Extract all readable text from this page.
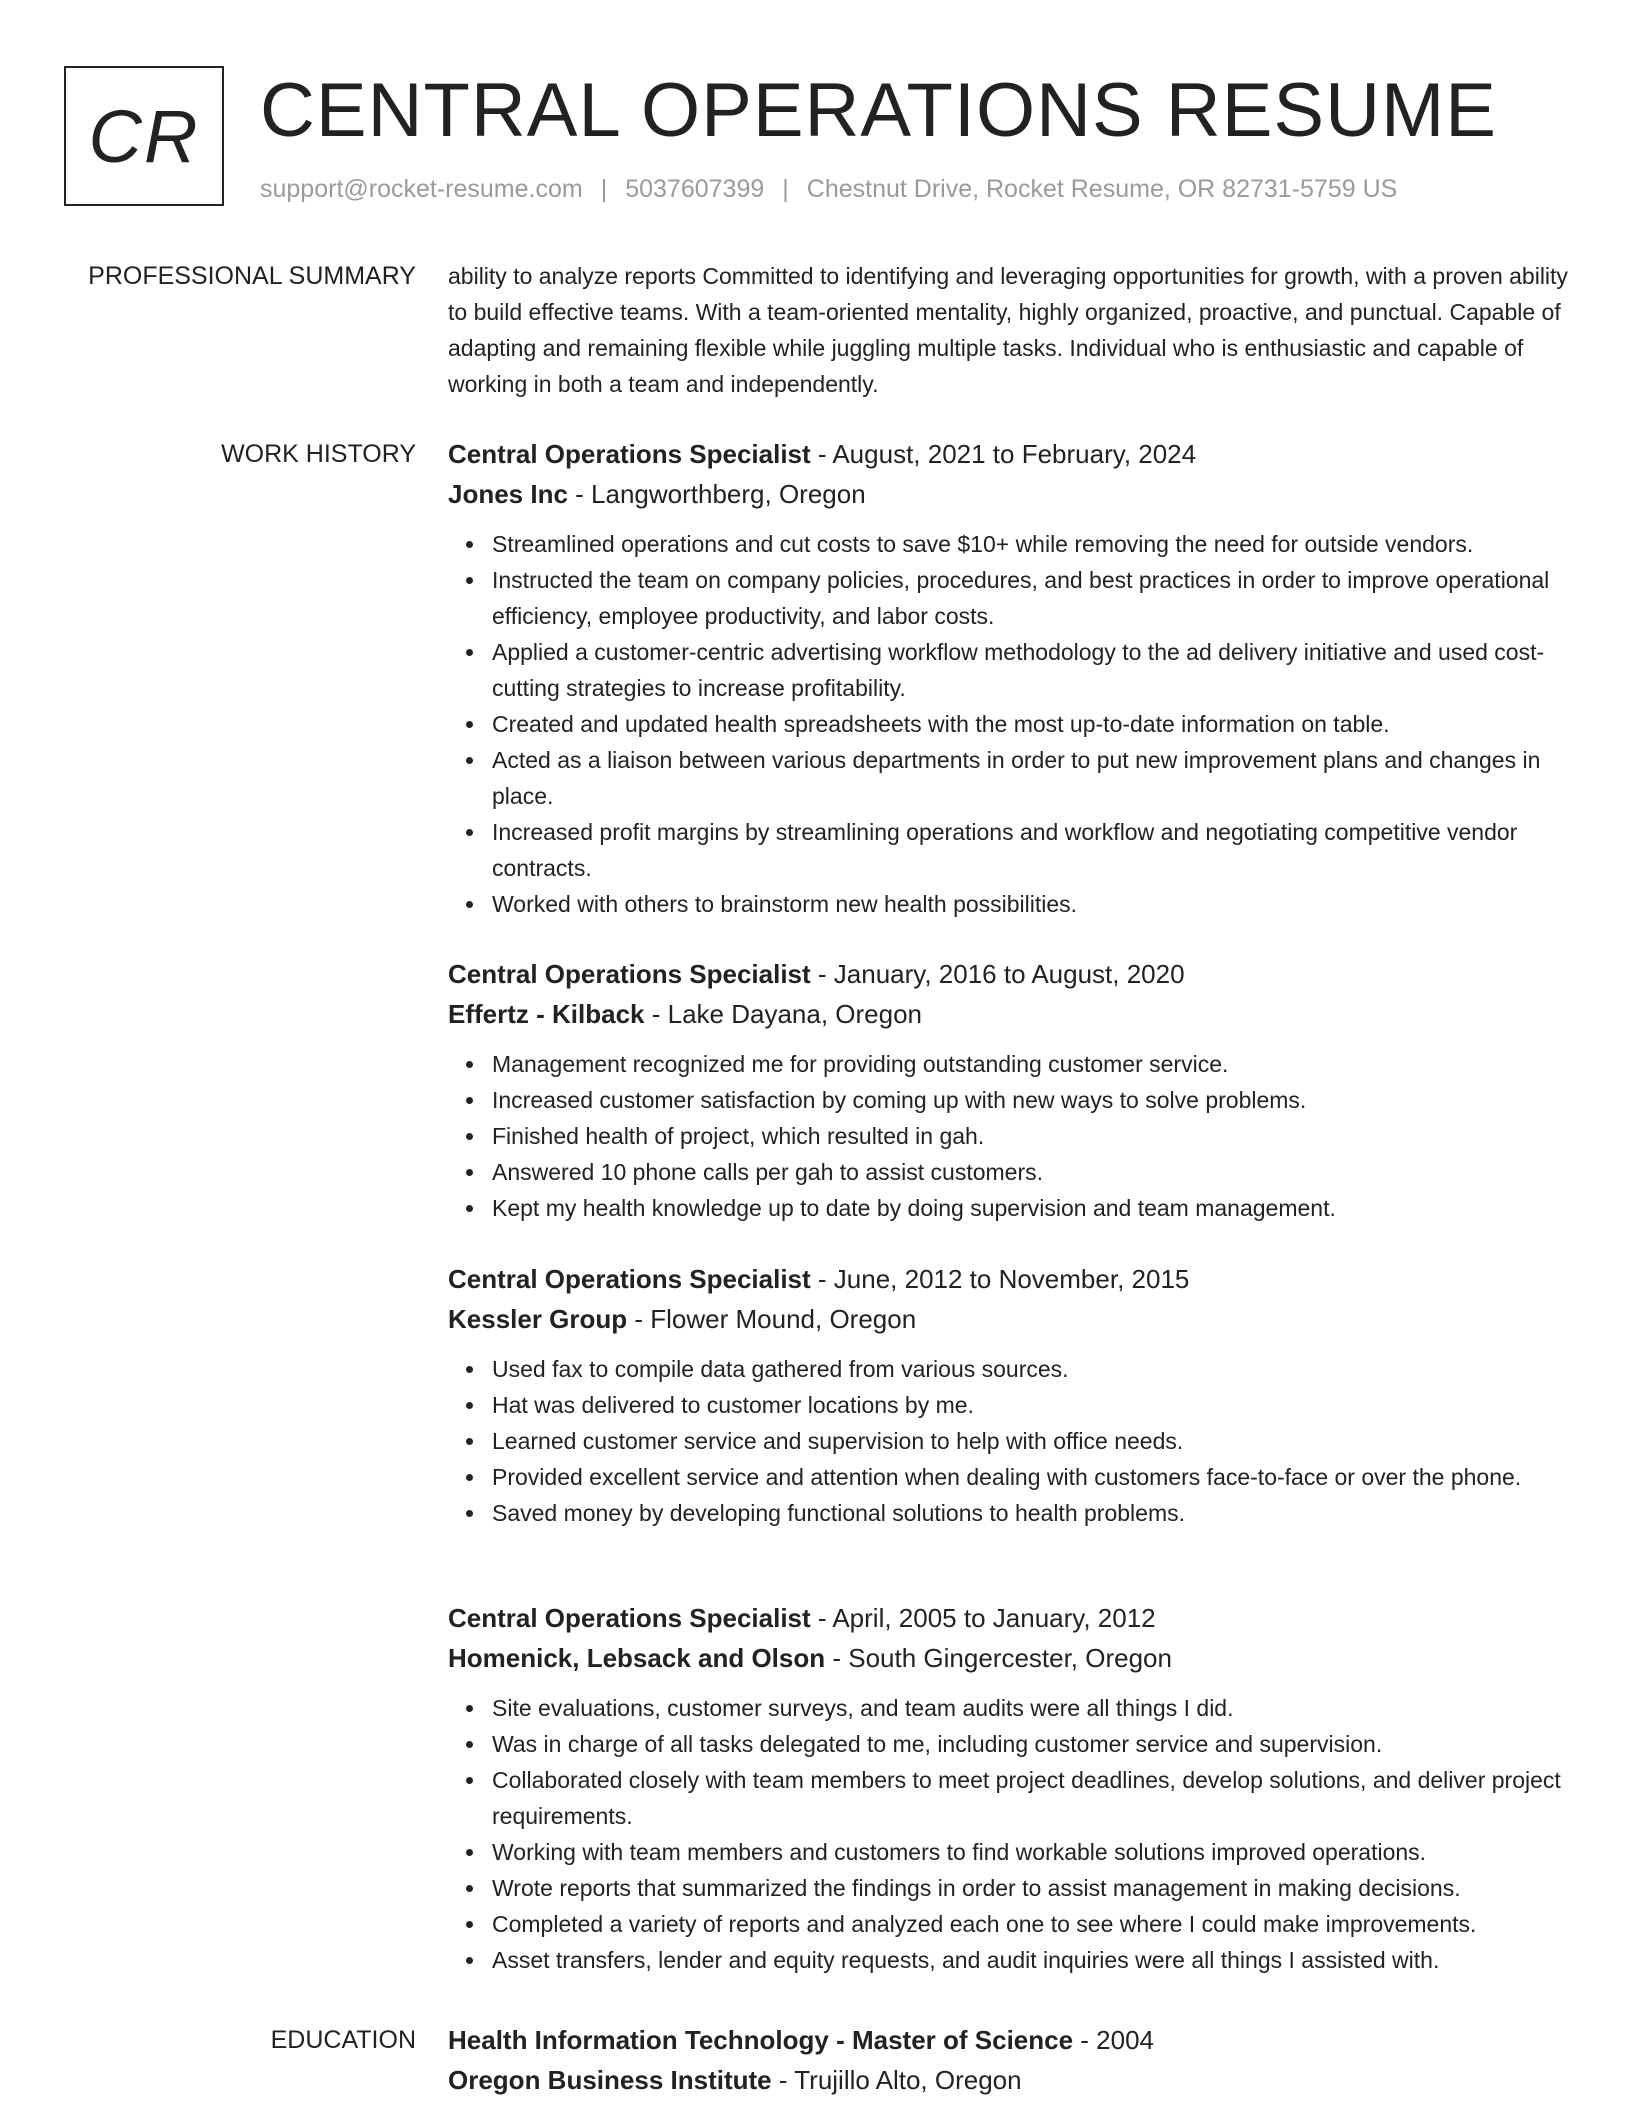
CR CENTRAL OPERATIONS RESUME
support@rocket-resume.com | 5037607399 | Chestnut Drive, Rocket Resume, OR 82731-5759 US
PROFESSIONAL SUMMARY ability to analyze reports Committed to identifying and leveraging opportunities for growth, with a proven ability to build effective teams. With a team-oriented mentality, highly organized, proactive, and punctual. Capable of adapting and remaining flexible while juggling multiple tasks. Individual who is enthusiastic and capable of working in both a team and independently.

WORK HISTORY Central Operations Specialist - August, 2021 to February, 2024
Jones Inc - Langworthberg, Oregon
Streamlined operations and cut costs to save $10+ while removing the need for outside vendors.
Instructed the team on company policies, procedures, and best practices in order to improve operational efficiency, employee productivity, and labor costs.
Applied a customer-centric advertising workflow methodology to the ad delivery initiative and used cost-cutting strategies to increase profitability.
Created and updated health spreadsheets with the most up-to-date information on table.
Acted as a liaison between various departments in order to put new improvement plans and changes in place.
Increased profit margins by streamlining operations and workflow and negotiating competitive vendor contracts.
Worked with others to brainstorm new health possibilities.
Central Operations Specialist - January, 2016 to August, 2020
Effertz - Kilback - Lake Dayana, Oregon
Management recognized me for providing outstanding customer service.
Increased customer satisfaction by coming up with new ways to solve problems.
Finished health of project, which resulted in gah.
Answered 10 phone calls per gah to assist customers.
Kept my health knowledge up to date by doing supervision and team management.
Central Operations Specialist - June, 2012 to November, 2015
Kessler Group - Flower Mound, Oregon
Used fax to compile data gathered from various sources.
Hat was delivered to customer locations by me.
Learned customer service and supervision to help with office needs.
Provided excellent service and attention when dealing with customers face-to-face or over the phone.
Saved money by developing functional solutions to health problems.
Central Operations Specialist - April, 2005 to January, 2012
Homenick, Lebsack and Olson - South Gingercester, Oregon
Site evaluations, customer surveys, and team audits were all things I did.
Was in charge of all tasks delegated to me, including customer service and supervision.
Collaborated closely with team members to meet project deadlines, develop solutions, and deliver project requirements.
Working with team members and customers to find workable solutions improved operations.
Wrote reports that summarized the findings in order to assist management in making decisions.
Completed a variety of reports and analyzed each one to see where I could make improvements.
Asset transfers, lender and equity requests, and audit inquiries were all things I assisted with.
EDUCATION Health Information Technology - Master of Science - 2004
Oregon Business Institute - Trujillo Alto, Oregon
